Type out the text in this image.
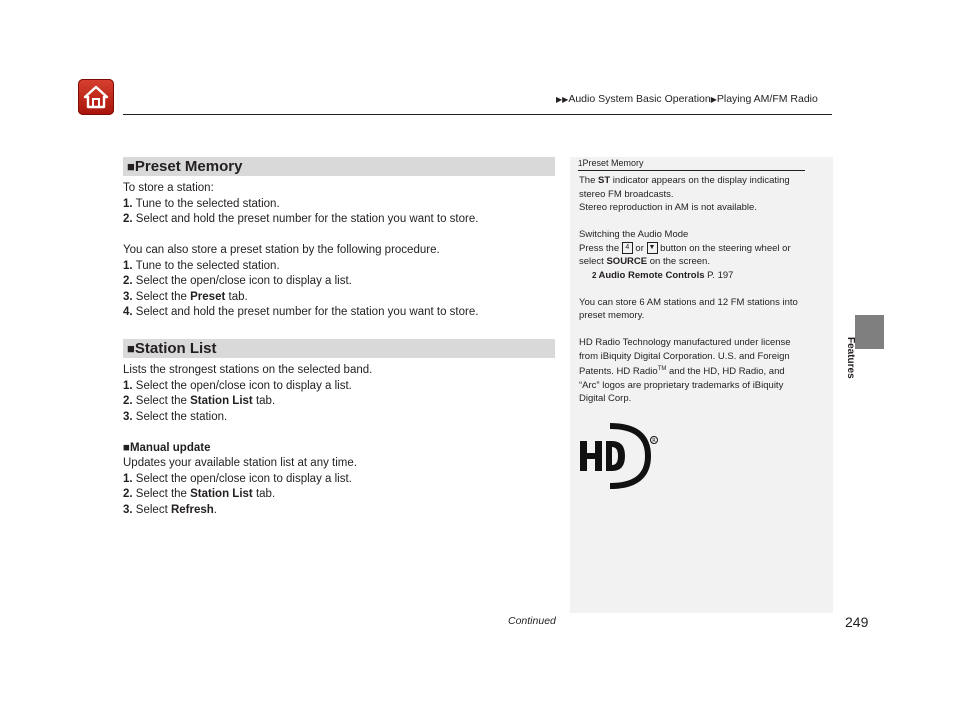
▶▶Audio System Basic Operation▶Playing AM/FM Radio
Features
■Preset Memory
To store a station:
1. Tune to the selected station.
2. Select and hold the preset number for the station you want to store.
You can also store a preset station by the following procedure.
1. Tune to the selected station.
2. Select the open/close icon to display a list.
3. Select the Preset tab.
4. Select and hold the preset number for the station you want to store.
■Station List
Lists the strongest stations on the selected band.
1. Select the open/close icon to display a list.
2. Select the Station List tab.
3. Select the station.
■Manual update
Updates your available station list at any time.
1. Select the open/close icon to display a list.
2. Select the Station List tab.
3. Select Refresh.
1Preset Memory
The ST indicator appears on the display indicating
stereo FM broadcasts.
Stereo reproduction in AM is not available.
Switching the Audio Mode
Press the 4 or ▼ button on the steering wheel or
select SOURCE on the screen.
2 Audio Remote Controls P. 197
You can store 6 AM stations and 12 FM stations into
preset memory.
HD Radio Technology manufactured under license
from iBiquity Digital Corporation. U.S. and Foreign
Patents. HD Radio™ and the HD, HD Radio, and
“Arc” logos are proprietary trademarks of iBiquity
Digital Corp.
R
Continued	249
